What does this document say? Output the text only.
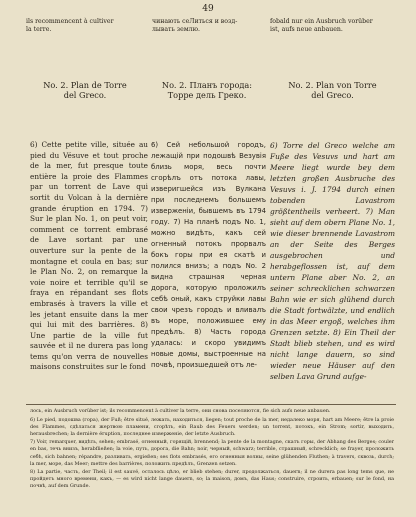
49
ils recommencent à cultiver
la terre.
чинають сеЛиться и возд-
лывать землю.
fobald nur ein Ausbruch vorüber
ist, aufs neue anbauen.
No. 2. Plan de Torre
del Greco.
No. 2. Планъ города:
Торре дель Греко.
No. 2. Plan von Torre
del Greco.

6) Cette petite ville, située au pied du Vésuve et tout proche de la mer, fut presque toute entière la proie des Flammes par un torrent de Lave qui sortit du Volcan à la dernière grande éruption en 1794. 7) Sur le plan No. 1, on peut voir, comment ce torrent embrasé de Lave sortant par une ouverture sur la pente de la montagne et coula en bas; sur le Plan No. 2, on remarque la voie noire et terrible qu'il se fraya en répandant ses flots embrasés à travers la ville et les jetant ensuite dans la mer qui lui mit des barrières. 8) Une partie de la ville fut sauvée et il ne durera pas long tems qu'on verra de nouvelles maisons construites sur le fond

6) Сей небольшой городъ, лежащій при подошвѣ Везувія близь моря, весь почти сгорѣлъ отъ потока лавы, изверигшейся изъ Вулкана при последнемъ большемъ изверженіи, бывшемъ въ 1794 году. 7) На планѣ подъ No. 1, можно видѣть, какъ сей огненный потокъ прорвалъ бокъ горы при ея скатѣ и полился внизъ; а подъ No. 2 видна страшная черная дорога, которую проложилъ себѣ оный, какъ струйки лавы свои чрезъ городъ и вливалъ въ море, положившее ему предѣлъ. 8) Часть города удалась: и скоро увидимъ новые домы, выстроенные на почвѣ, произшедшей отъ ле-

6) Torre del Greco welche am Fuße des Vesuvs und hart am Meere liegt wurde bey dem letzten großen Ausbruche des Vesuvs i. J. 1794 durch einen tobenden Lavastrom größtentheils verheert. 7) Man sieht auf dem obern Plane No. 1, wie dieser brennende Lavastrom an der Seite des Berges ausgebrochen und herabgeflossen ist, auf dem untern Plane aber No. 2, an seiner schrecklichen schwarzen Bahn wie er sich glühend durch die Stadt fortwälzte, und endlich in das Meer ergoß, welches ihm Grenzen setzte. 8) Ein Theil der Stadt blieb stehen, und es wird nicht lange dauern, so sind wieder neue Häuser auf den selben Lava Grund aufge-

лось, ein Ausbruch vorüber ist; ils recommencent à cultiver la terre, они снова поселяются, fie sich aufs neue anbauen.

6) Le pied, подошва (гора), der Fuß; être situé, лежать, находиться, liegen; tout proche de la mer, недалеко моря, hart am Meere; être la proie des Flammes, сдѣлаться жертвою пламени, сгорѣть, ein Raub des Feuers werden; un torrent, потокъ, ein Strom; sortir, выходить, herausbrechen; la dernière éruption, последнее изверженіе, der letzte Ausbruch.

7) Voir, remarquer, видѣть, sehen; embrasé, огненный, горящій, brennend; la pente de la montagne, скатъ горы, der Abhang des Berges; couler en bas, течь внизъ, herabfließen; la voie, путь, дорога, die Bahn; noir, черный, schwarz; terrible, страшный, schrecklich; se frayer, проложить себѣ, sich bahnen; répandre, разливать, ergießen; ses flots embrasés, его огненныя волны, seine glühenden Fluthen; à travers, сквозь, durch; la mer, море, das Meer; mettre des barrières, положить предѣлъ, Grenzen setzen.

8) La partie, часть, der Theil; il est sauvé, осталось цѣло, er blieb stehen; durer, продолжаться, dauern; il ne durera pas long tems que, не пройдетъ много времени, какъ, — es wird nicht lange dauern, so; la maison, домъ, das Haus; construire, строить, erbauen; sur le fond, на почвѣ, auf dem Grunde.
